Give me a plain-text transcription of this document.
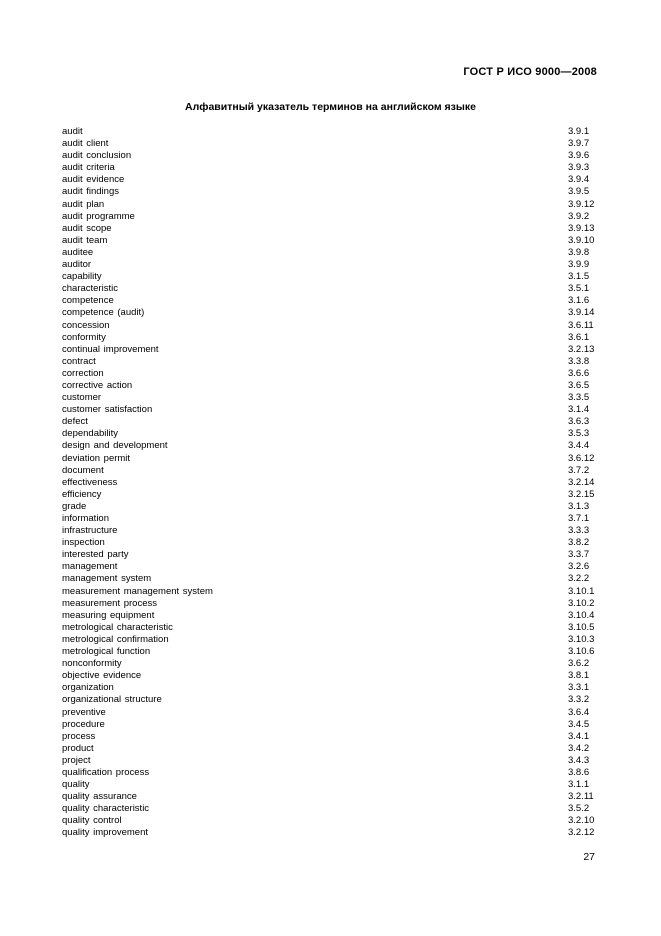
ГОСТ Р ИСО 9000—2008
Алфавитный указатель терминов на английском языке
audit	3.9.1
audit client	3.9.7
audit conclusion	3.9.6
audit criteria	3.9.3
audit evidence	3.9.4
audit findings	3.9.5
audit plan	3.9.12
audit programme	3.9.2
audit scope	3.9.13
audit team	3.9.10
auditee	3.9.8
auditor	3.9.9
capability	3.1.5
characteristic	3.5.1
competence	3.1.6
competence (audit)	3.9.14
concession	3.6.11
conformity	3.6.1
continual improvement	3.2.13
contract	3.3.8
correction	3.6.6
corrective action	3.6.5
customer	3.3.5
customer satisfaction	3.1.4
defect	3.6.3
dependability	3.5.3
design and development	3.4.4
deviation permit	3.6.12
document	3.7.2
effectiveness	3.2.14
efficiency	3.2.15
grade	3.1.3
information	3.7.1
infrastructure	3.3.3
inspection	3.8.2
interested party	3.3.7
management	3.2.6
management system	3.2.2
measurement management system	3.10.1
measurement process	3.10.2
measuring equipment	3.10.4
metrological characteristic	3.10.5
metrological confirmation	3.10.3
metrological function	3.10.6
nonconformity	3.6.2
objective evidence	3.8.1
organization	3.3.1
organizational structure	3.3.2
preventive	3.6.4
procedure	3.4.5
process	3.4.1
product	3.4.2
project	3.4.3
qualification process	3.8.6
quality	3.1.1
quality assurance	3.2.11
quality characteristic	3.5.2
quality control	3.2.10
quality improvement	3.2.12
27
